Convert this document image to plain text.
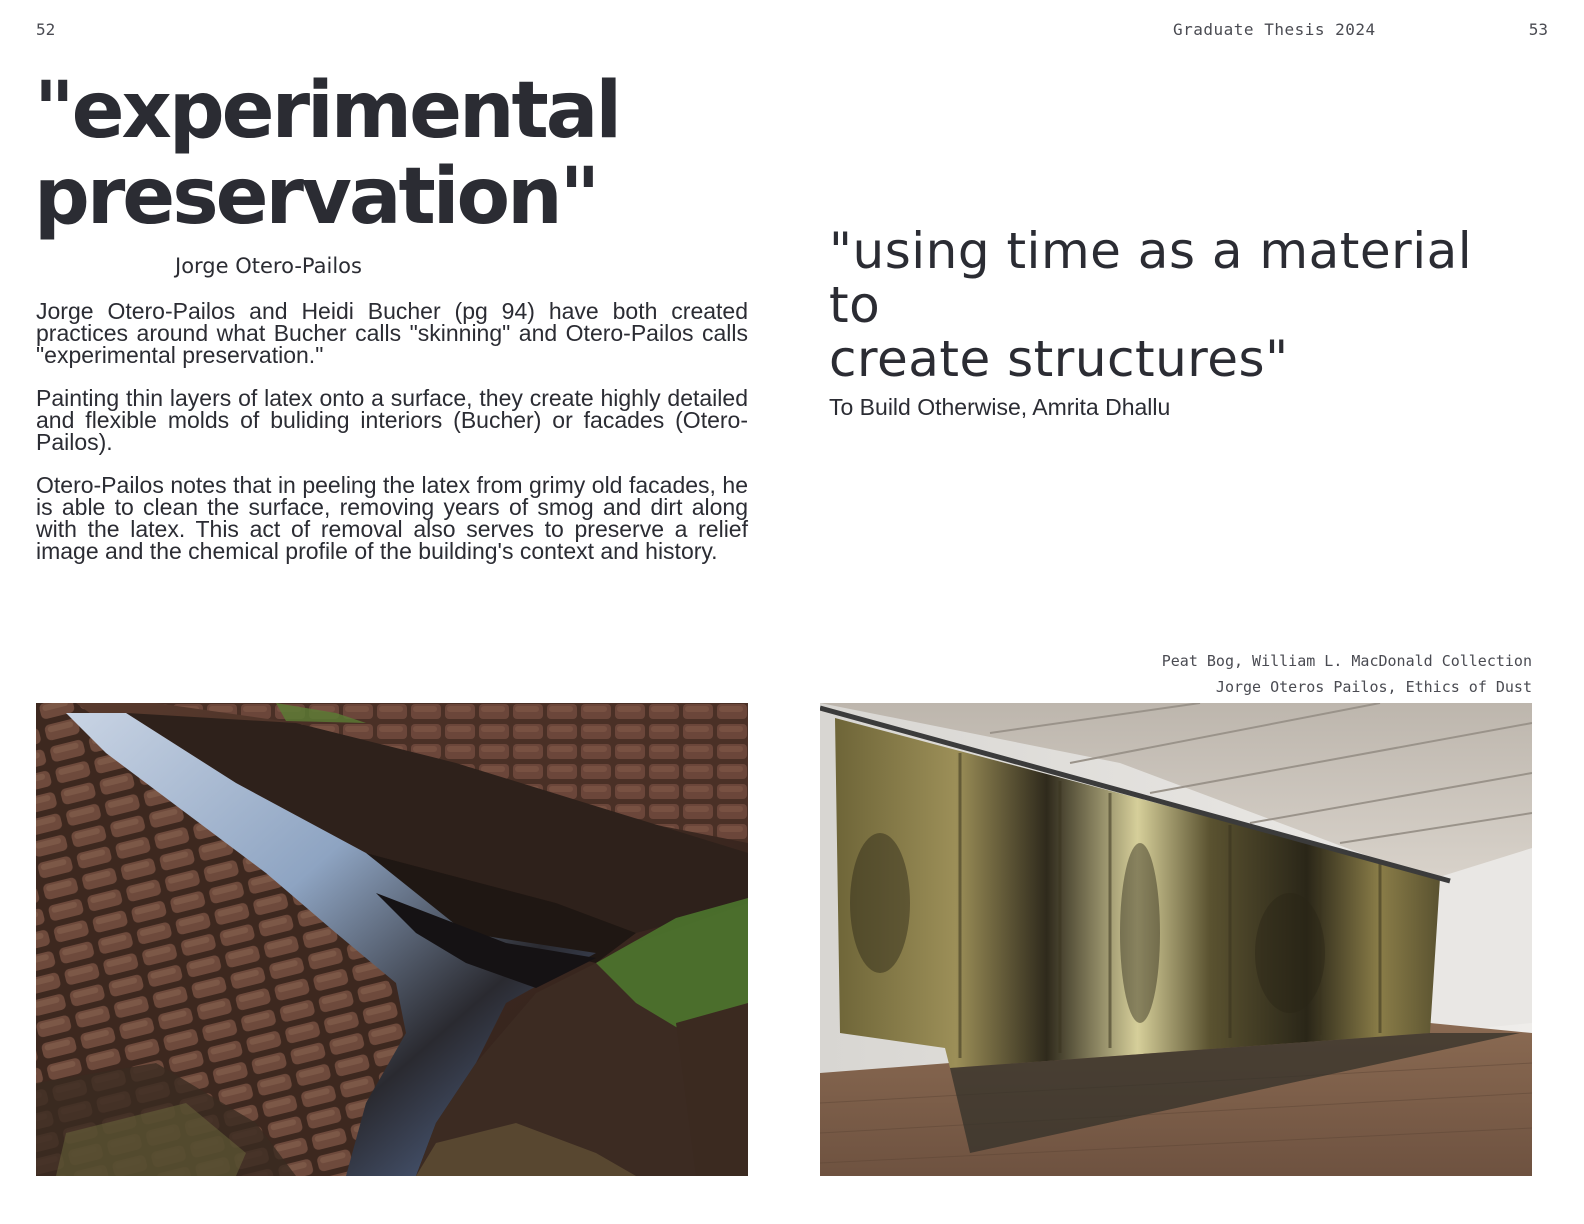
52	Graduate Thesis 2024	53
"experimental
preservation"
Jorge Otero-Pailos

Jorge Otero-Pailos and Heidi Bucher (pg 94) have both created practices around what Bucher calls "skinning" and Otero-Pailos calls "experimental preservation."

Painting thin layers of latex onto a surface, they create highly detailed and flexible molds of buliding interiors (Bucher) or facades (Otero-Pailos).

Otero-Pailos notes that in peeling the latex from grimy old facades, he is able to clean the surface, removing years of smog and dirt along with the latex. This act of removal also serves to preserve a relief image and the chemical profile of the building's context and history.

"using time as a material to
create structures"
To Build Otherwise, Amrita Dhallu
Peat Bog, William L. MacDonald Collection
Jorge Oteros Pailos, Ethics of Dust
